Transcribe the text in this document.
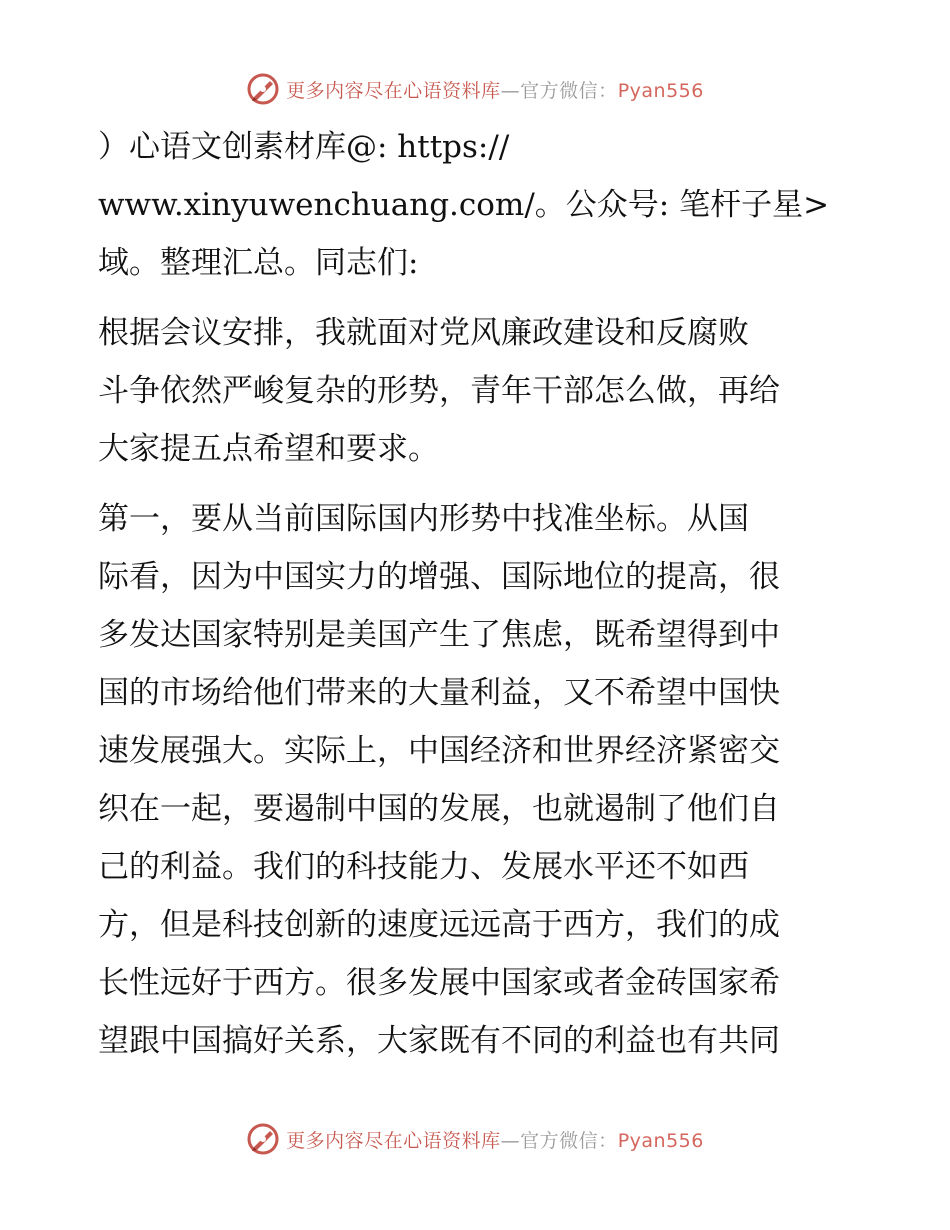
更多内容尽在心语资料库—官方微信：Pyan556
）心语文创素材库@: https://
www.xinyuwenchuang.com/。公众号: 笔杆子星>
域。整理汇总。同志们:
根据会议安排，我就面对党风廉政建设和反腐败
斗争依然严峻复杂的形势，青年干部怎么做，再给
大家提五点希望和要求。
第一，要从当前国际国内形势中找准坐标。从国
际看，因为中国实力的增强、国际地位的提高，很
多发达国家特别是美国产生了焦虑，既希望得到中
国的市场给他们带来的大量利益，又不希望中国快
速发展强大。实际上，中国经济和世界经济紧密交
织在一起，要遏制中国的发展，也就遏制了他们自
己的利益。我们的科技能力、发展水平还不如西
方，但是科技创新的速度远远高于西方，我们的成
长性远好于西方。很多发展中国家或者金砖国家希
望跟中国搞好关系，大家既有不同的利益也有共同
更多内容尽在心语资料库—官方微信：Pyan556
